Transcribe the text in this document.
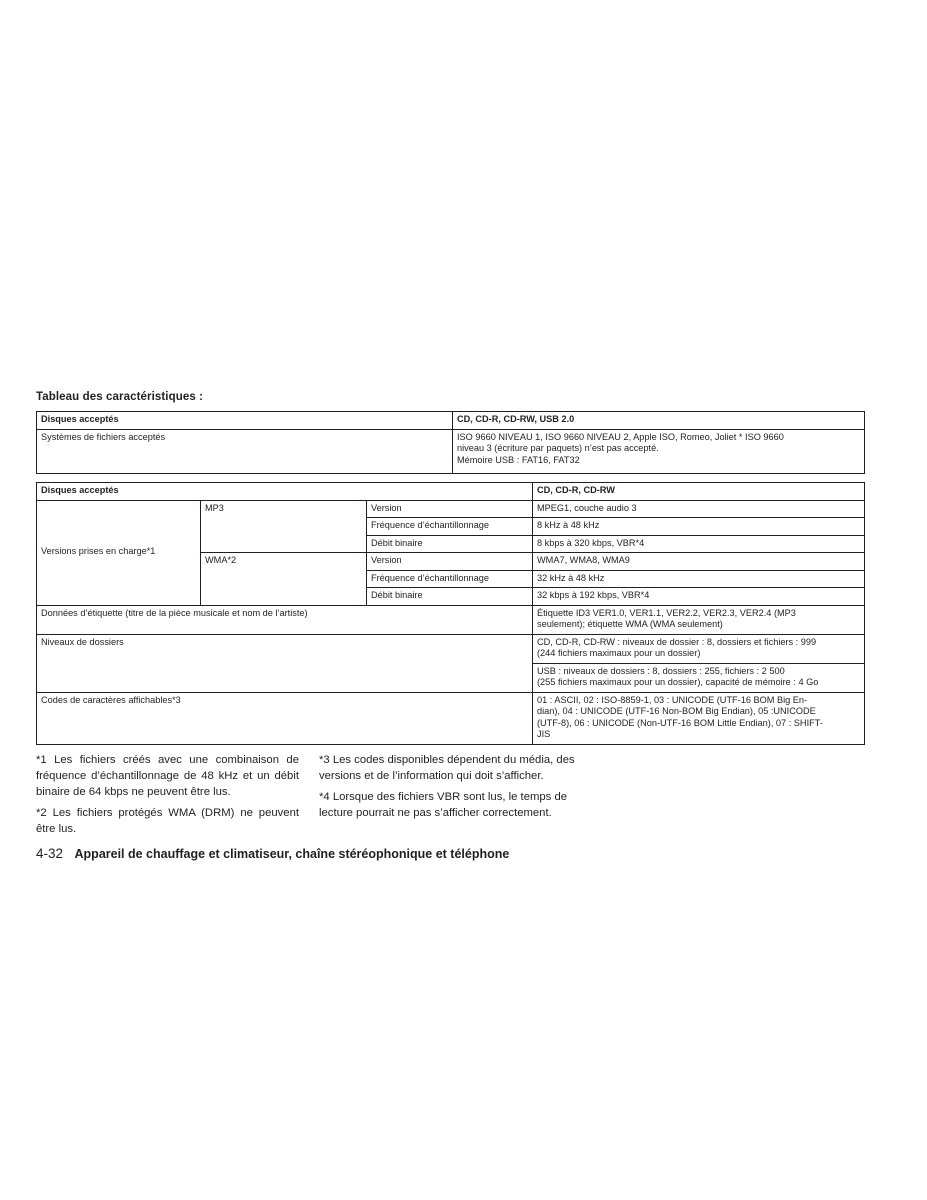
Tableau des caractéristiques :
Disques acceptés	CD, CD-R, CD-RW, USB 2.0
Systèmes de fichiers acceptés	ISO 9660 NIVEAU 1, ISO 9660 NIVEAU 2, Apple ISO, Romeo, Joliet * ISO 9660
niveau 3 (écriture par paquets) n’est pas accepté.
Mémoire USB : FAT16, FAT32
Disques acceptés			CD, CD-R, CD-RW
Versions prises en charge*1	MP3	Version	MPEG1, couche audio 3
		Fréquence d’échantillonnage	8 kHz à 48 kHz
		Débit binaire	8 kbps à 320 kbps, VBR*4
	WMA*2	Version	WMA7, WMA8, WMA9
		Fréquence d’échantillonnage	32 kHz à 48 kHz
		Débit binaire	32 kbps à 192 kbps, VBR*4
Données d’étiquette (titre de la pièce musicale et nom de l’artiste)			Étiquette ID3 VER1.0, VER1.1, VER2.2, VER2.3, VER2.4 (MP3
seulement); étiquette WMA (WMA seulement)

Niveaux de dossiers			CD, CD-R, CD-RW : niveaux de dossier : 8, dossiers et fichiers : 999
(244 fichiers maximaux pour un dossier)

			USB : niveaux de dossiers : 8, dossiers : 255, fichiers : 2 500
(255 fichiers maximaux pour un dossier), capacité de mémoire : 4 Go

Codes de caractères affichables*3			01 : ASCII, 02 : ISO-8859-1, 03 : UNICODE (UTF-16 BOM Big En-
dian), 04 : UNICODE (UTF-16 Non-BOM Big Endian), 05 :UNICODE
(UTF-8), 06 : UNICODE (Non-UTF-16 BOM Little Endian), 07 : SHIFT-
JIS

*1 Les fichiers créés avec une combinaison de fréquence d’échantillonnage de 48 kHz et un débit binaire de 64 kbps ne peuvent être lus.

*2 Les fichiers protégés WMA (DRM) ne peuvent être lus.

*3 Les codes disponibles dépendent du média, des versions et de l’information qui doit s’afficher.

*4 Lorsque des fichiers VBR sont lus, le temps de lecture pourrait ne pas s’afficher correctement.

4-32 Appareil de chauffage et climatiseur, chaîne stéréophonique et téléphone
